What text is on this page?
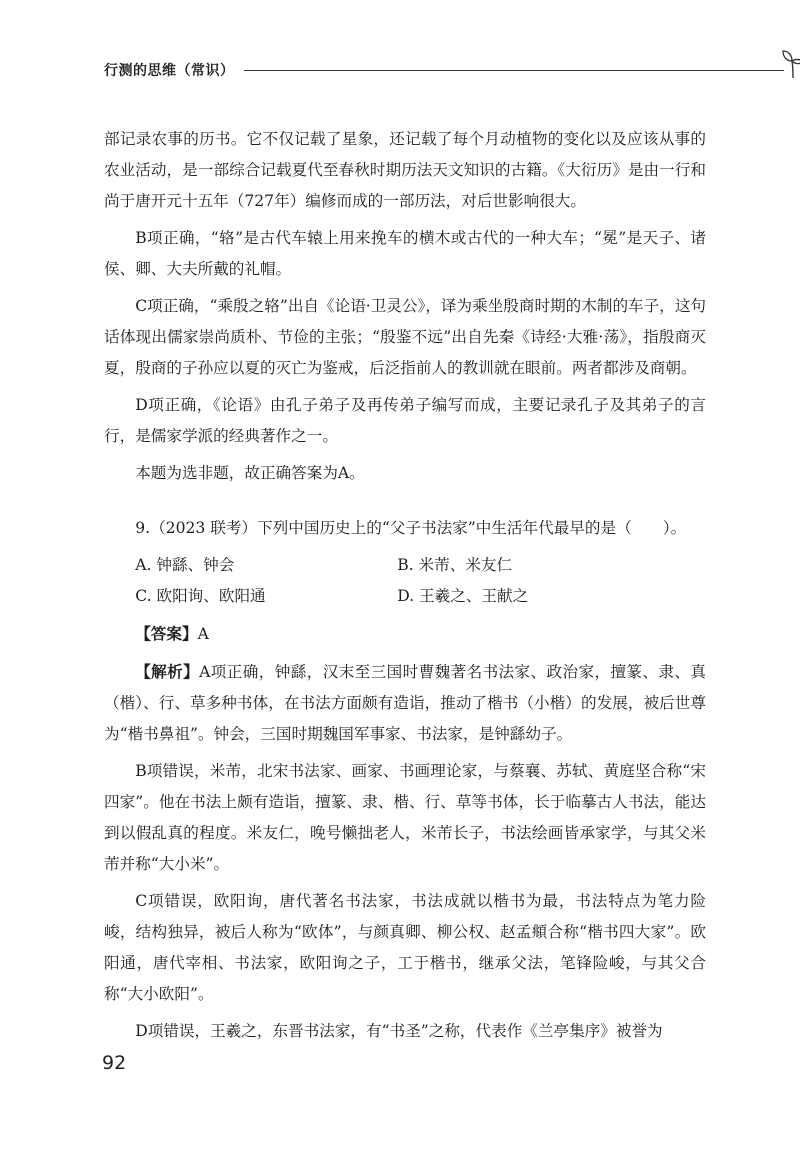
行测的思维（常识）

部记录农事的历书。它不仅记载了星象，还记载了每个月动植物的变化以及应该从事的农业活动，是一部综合记载夏代至春秋时期历法天文知识的古籍。《大衍历》是由一行和尚于唐开元十五年（727年）编修而成的一部历法，对后世影响很大。

B项正确，“辂”是古代车辕上用来挽车的横木或古代的一种大车；“冕”是天子、诸侯、卿、大夫所戴的礼帽。

C项正确，“乘殷之辂”出自《论语·卫灵公》，译为乘坐殷商时期的木制的车子，这句话体现出儒家崇尚质朴、节俭的主张；“殷鉴不远”出自先秦《诗经·大雅·荡》，指殷商灭夏，殷商的子孙应以夏的灭亡为鉴戒，后泛指前人的教训就在眼前。两者都涉及商朝。

D项正确，《论语》由孔子弟子及再传弟子编写而成，主要记录孔子及其弟子的言行，是儒家学派的经典著作之一。

本题为选非题，故正确答案为A。

9.（2023 联考）下列中国历史上的“父子书法家”中生活年代最早的是（　　）。

A. 钟繇、钟会	B. 米芾、米友仁
C. 欧阳询、欧阳通	D. 王羲之、王献之

【答案】A

【解析】A项正确，钟繇，汉末至三国时曹魏著名书法家、政治家，擅篆、隶、真（楷）、行、草多种书体，在书法方面颇有造诣，推动了楷书（小楷）的发展，被后世尊为“楷书鼻祖”。钟会，三国时期魏国军事家、书法家，是钟繇幼子。

B项错误，米芾，北宋书法家、画家、书画理论家，与蔡襄、苏轼、黄庭坚合称“宋四家”。他在书法上颇有造诣，擅篆、隶、楷、行、草等书体，长于临摹古人书法，能达到以假乱真的程度。米友仁，晚号懒拙老人，米芾长子，书法绘画皆承家学，与其父米芾并称“大小米”。

C项错误，欧阳询，唐代著名书法家，书法成就以楷书为最，书法特点为笔力险峻，结构独异，被后人称为“欧体”，与颜真卿、柳公权、赵孟頫合称“楷书四大家”。欧阳通，唐代宰相、书法家，欧阳询之子，工于楷书，继承父法，笔锋险峻，与其父合称“大小欧阳”。

D项错误，王羲之，东晋书法家，有“书圣”之称，代表作《兰亭集序》被誉为

92
